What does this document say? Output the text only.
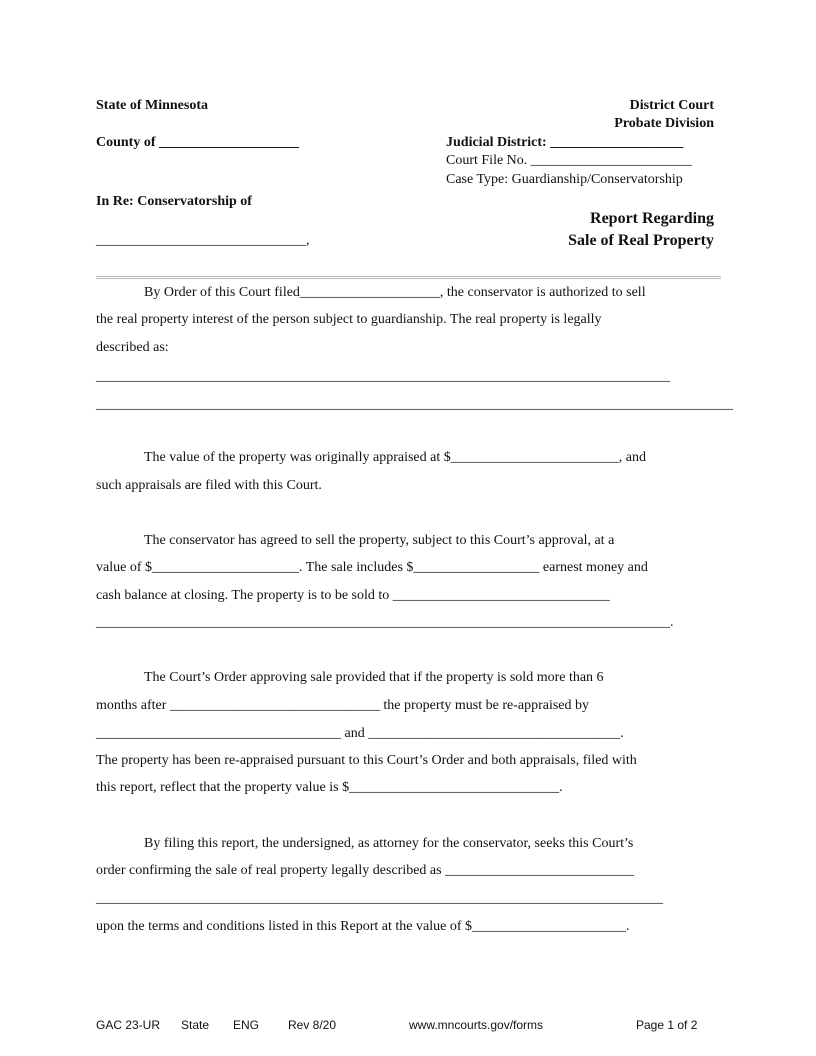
State of Minnesota
County of ____________________
In Re: Conservatorship of
______________________________,
District Court
Probate Division
Judicial District: ___________________
Court File No. _______________________
Case Type: Guardianship/Conservatorship
Report Regarding
Sale of Real Property
By Order of this Court filed____________________, the conservator is authorized to sell
the real property interest of the person subject to guardianship. The real property is legally
described as:
__________________________________________________________________________________
___________________________________________________________________________________________
The value of the property was originally appraised at $________________________, and
such appraisals are filed with this Court.
The conservator has agreed to sell the property, subject to this Court’s approval, at a
value of $_____________________. The sale includes $__________________ earnest money and
cash balance at closing. The property is to be sold to _______________________________
__________________________________________________________________________________.
The Court’s Order approving sale provided that if the property is sold more than 6
months after ______________________________ the property must be re-appraised by
___________________________________ and ____________________________________.
The property has been re-appraised pursuant to this Court’s Order and both appraisals, filed with
this report, reflect that the property value is $______________________________.
By filing this report, the undersigned, as attorney for the conservator, seeks this Court’s
order confirming the sale of real property legally described as ___________________________
_________________________________________________________________________________
upon the terms and conditions listed in this Report at the value of $______________________.
GAC 23-UR State ENG Rev 8/20	www.mncourts.gov/forms	Page 1 of 2
